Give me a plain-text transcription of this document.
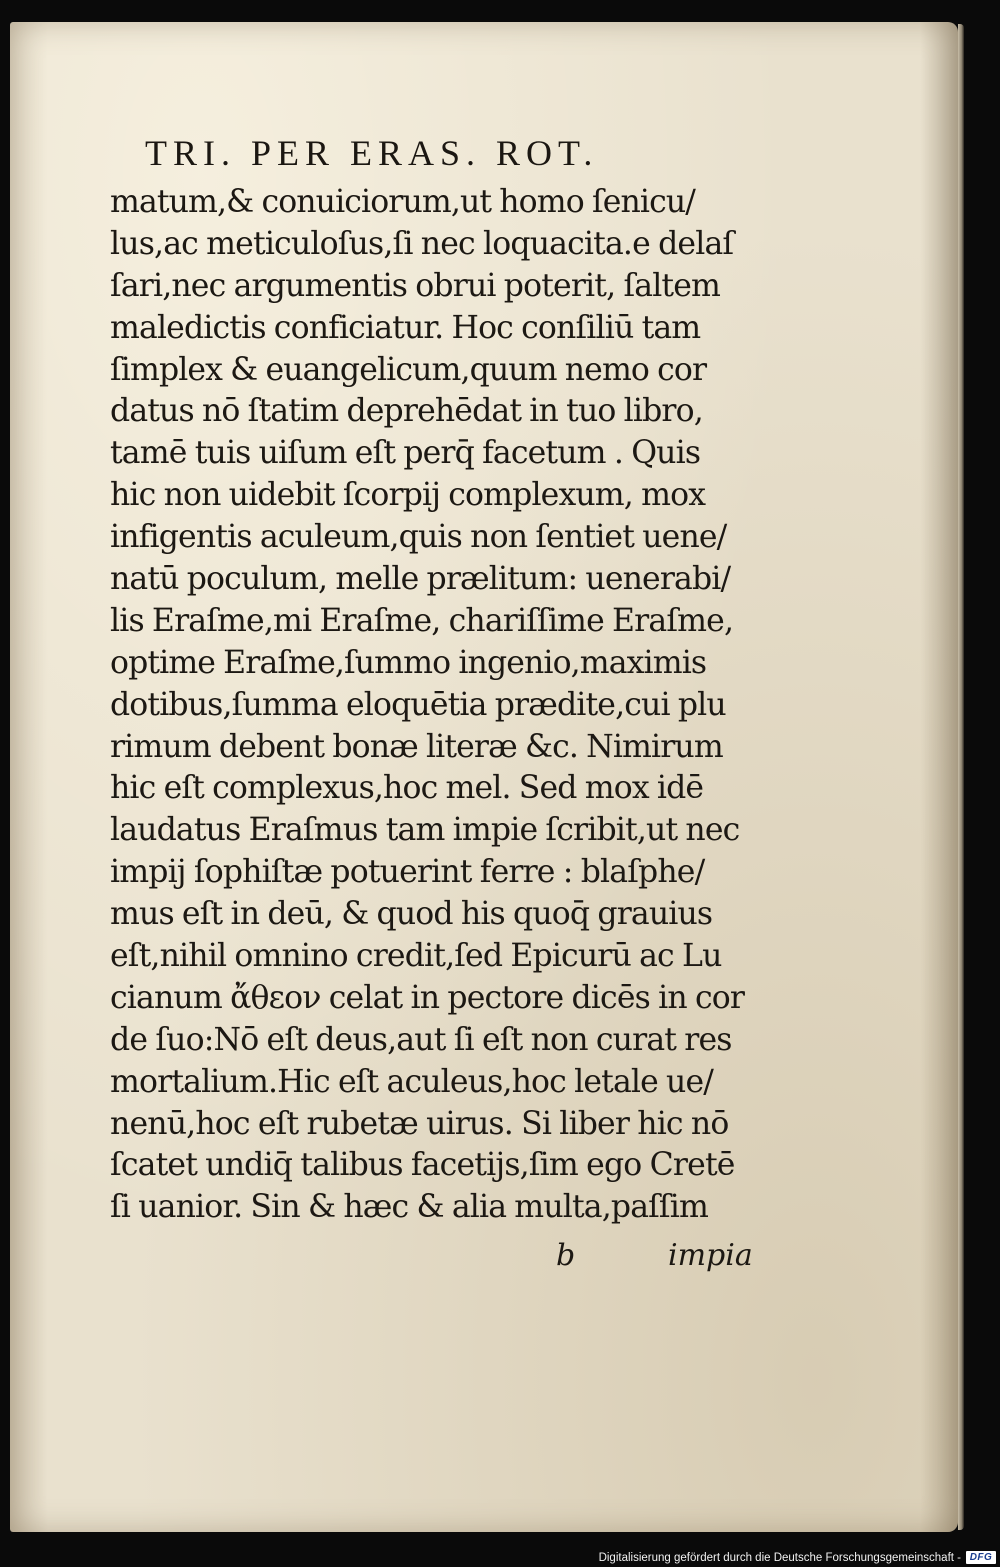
TRI. PER ERAS. ROT.
matum,& conuiciorum,ut homo ſenicu/
lus,ac meticuloſus,ſi nec loquacita.e delaſ
ſari,nec argumentis obrui poterit, ſaltem
maledictis conficiatur. Hoc conſiliū tam
ſimplex & euangelicum,quum nemo cor
datus nō ſtatim deprehēdat in tuo libro,
tamē tuis uiſum eſt perq̄ facetum . Quis
hic non uidebit ſcorpij complexum, mox
infigentis aculeum,quis non ſentiet uene/
natū poculum, melle prælitum: uenerabi/
lis Eraſme,mi Eraſme, chariſſime Eraſme,
optime Eraſme,ſummo ingenio,maximis
dotibus,ſumma eloquētia prædite,cui plu
rimum debent bonæ literæ &c. Nimirum
hic eſt complexus,hoc mel. Sed mox idē
laudatus Eraſmus tam impie ſcribit,ut nec
impij ſophiſtæ potuerint ferre : blaſphe/
mus eſt in deū, & quod his quoq̄ grauius
eſt,nihil omnino credit,ſed Epicurū ac Lu
cianum ἄθεον celat in pectore dicēs in cor
de ſuo:Nō eſt deus,aut ſi eſt non curat res
mortalium.Hic eſt aculeus,hoc letale ue/
nenū,hoc eſt rubetæ uirus. Si liber hic nō
ſcatet undiq̄ talibus facetijs,ſim ego Cretē
ſi uanior. Sin & hæc & alia multa,paſſim
b	impia
Digitalisierung gefördert durch die Deutsche Forschungsgemeinschaft - DFG
